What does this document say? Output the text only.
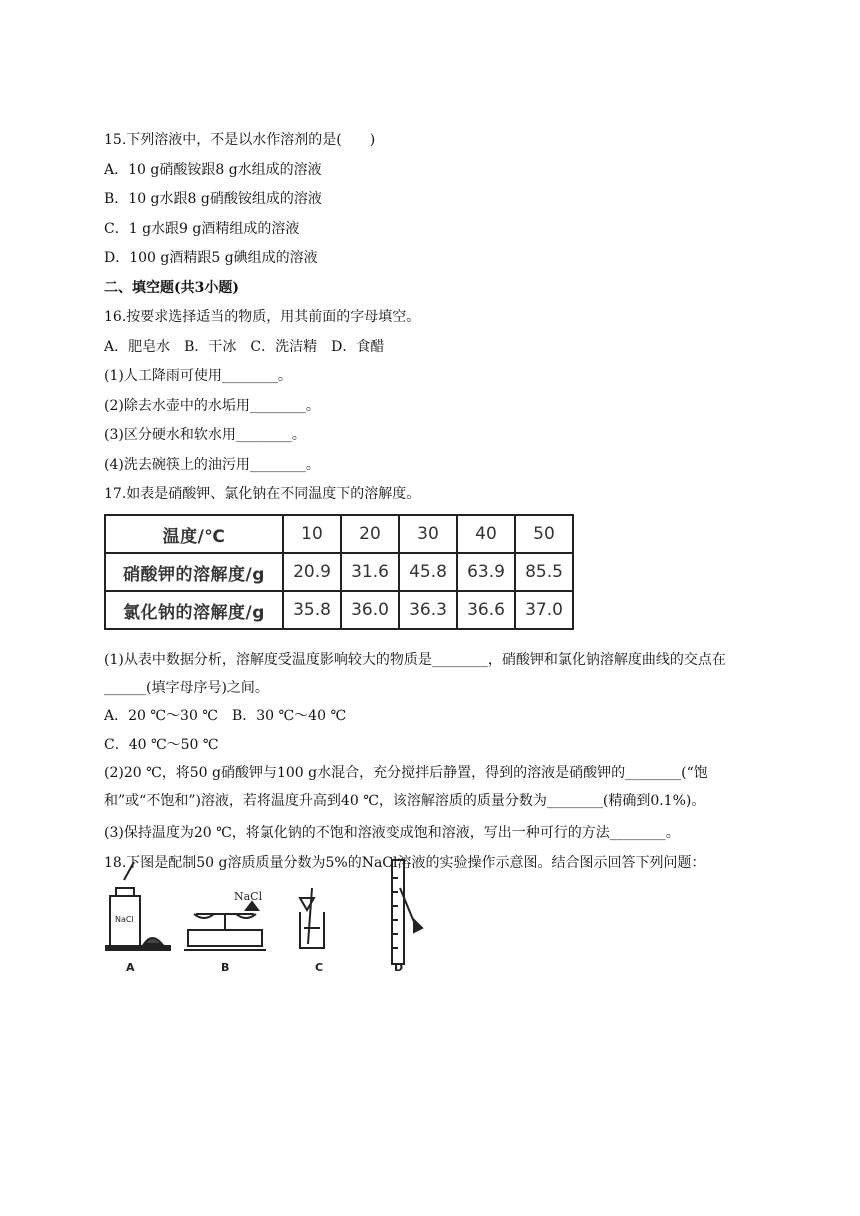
15.下列溶液中，不是以水作溶剂的是(　　)
A．10 g硝酸铵跟8 g水组成的溶液
B．10 g水跟8 g硝酸铵组成的溶液
C．1 g水跟9 g酒精组成的溶液
D．100 g酒精跟5 g碘组成的溶液
二、填空题(共3小题)
16.按要求选择适当的物质，用其前面的字母填空。
A．肥皂水　B．干冰　C．洗洁精　D．食醋
(1)人工降雨可使用________。
(2)除去水壶中的水垢用________。
(3)区分硬水和软水用________。
(4)洗去碗筷上的油污用________。
17.如表是硝酸钾、氯化钠在不同温度下的溶解度。
温度/℃	10	20	30	40	50
硝酸钾的溶解度/g	20.9	31.6	45.8	63.9	85.5
氯化钠的溶解度/g	35.8	36.0	36.3	36.6	37.0
(1)从表中数据分析，溶解度受温度影响较大的物质是________，硝酸钾和氯化钠溶解度曲线的交点在______(填字母序号)之间。
A．20 ℃～30 ℃　B．30 ℃～40 ℃
C．40 ℃～50 ℃
(2)20 ℃，将50 g硝酸钾与100 g水混合，充分搅拌后静置，得到的溶液是硝酸钾的________(“饱和”或“不饱和”)溶液，若将温度升高到40 ℃，该溶解溶质的质量分数为________(精确到0.1%)。
(3)保持温度为20 ℃，将氯化钠的不饱和溶液变成饱和溶液，写出一种可行的方法________。
18.下图是配制50 g溶质质量分数为5%的NaCl溶液的实验操作示意图。结合图示回答下列问题：
NaCl
NaCl
A	B	C	D
